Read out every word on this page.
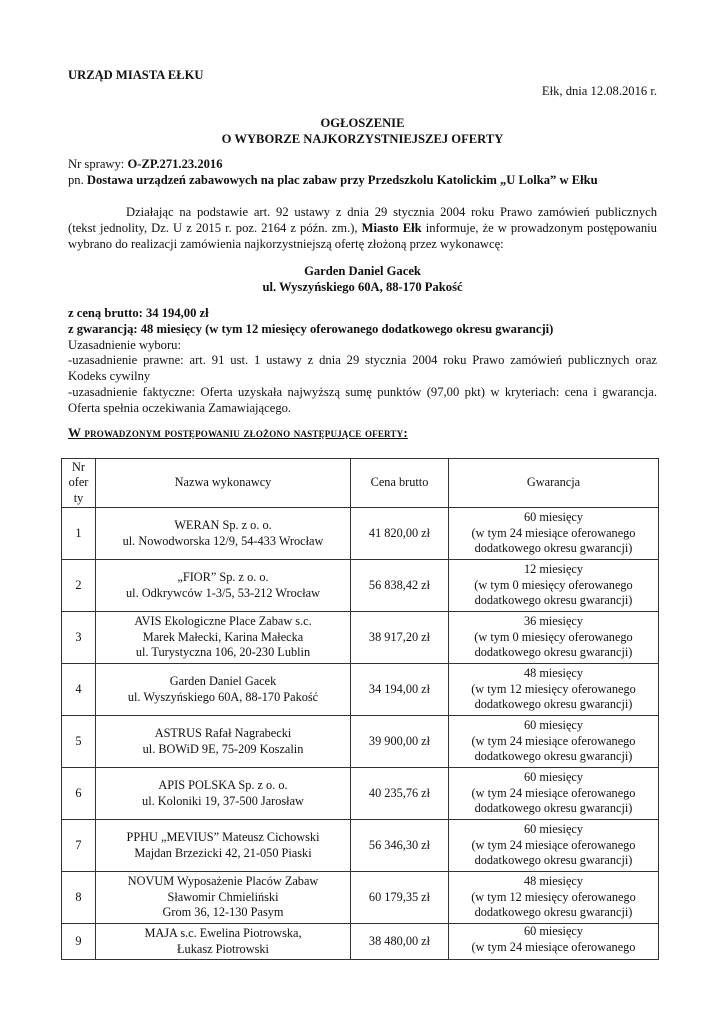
URZĄD MIASTA EŁKU
Ełk, dnia 12.08.2016 r.
OGŁOSZENIE
O WYBORZE NAJKORZYSTNIEJSZEJ OFERTY
Nr sprawy: O-ZP.271.23.2016
pn. Dostawa urządzeń zabawowych na plac zabaw przy Przedszkolu Katolickim „U Lolka” w Ełku
Działając na podstawie art. 92 ustawy z dnia 29 stycznia 2004 roku Prawo zamówień publicznych
(tekst jednolity, Dz. U z 2015 r. poz. 2164 z późn. zm.), Miasto Ełk informuje, że w prowadzonym postępowaniu
wybrano do realizacji zamówienia najkorzystniejszą ofertę złożoną przez wykonawcę:
Garden Daniel Gacek
ul. Wyszyńskiego 60A, 88-170 Pakość
z ceną brutto: 34 194,00 zł
z gwarancją: 48 miesięcy (w tym 12 miesięcy oferowanego dodatkowego okresu gwarancji)
Uzasadnienie wyboru:
-uzasadnienie prawne: art. 91 ust. 1 ustawy z dnia 29 stycznia 2004 roku Prawo zamówień publicznych oraz
Kodeks cywilny
-uzasadnienie faktyczne: Oferta uzyskała najwyższą sumę punktów (97,00 pkt) w kryteriach: cena i gwarancja.
Oferta spełnia oczekiwania Zamawiającego.
W prowadzonym postępowaniu złożono następujące oferty:
Nr
ofer
ty	Nazwa wykonawcy	Cena brutto	Gwarancja
1	WERAN Sp. z o. o.
ul. Nowodworska 12/9, 54-433 Wrocław	41 820,00 zł	60 miesięcy
(w tym 24 miesiące oferowanego
dodatkowego okresu gwarancji)

2	„FIOR” Sp. z o. o.
ul. Odkrywców 1-3/5, 53-212 Wrocław	56 838,42 zł	12 miesięcy
(w tym 0 miesięcy oferowanego
dodatkowego okresu gwarancji)

3	AVIS Ekologiczne Place Zabaw s.c.
Marek Małecki, Karina Małecka
ul. Turystyczna 106, 20-230 Lublin	38 917,20 zł	36 miesięcy
(w tym 0 miesięcy oferowanego
dodatkowego okresu gwarancji)

4	Garden Daniel Gacek
ul. Wyszyńskiego 60A, 88-170 Pakość	34 194,00 zł	48 miesięcy
(w tym 12 miesięcy oferowanego
dodatkowego okresu gwarancji)

5	ASTRUS Rafał Nagrabecki
ul. BOWiD 9E, 75-209 Koszalin	39 900,00 zł	60 miesięcy
(w tym 24 miesiące oferowanego
dodatkowego okresu gwarancji)

6	APIS POLSKA Sp. z o. o.
ul. Koloniki 19, 37-500 Jarosław	40 235,76 zł	60 miesięcy
(w tym 24 miesiące oferowanego
dodatkowego okresu gwarancji)

7	PPHU „MEVIUS” Mateusz Cichowski
Majdan Brzezicki 42, 21-050 Piaski	56 346,30 zł	60 miesięcy
(w tym 24 miesiące oferowanego
dodatkowego okresu gwarancji)

8	NOVUM Wyposażenie Placów Zabaw
Sławomir Chmieliński
Grom 36, 12-130 Pasym	60 179,35 zł	48 miesięcy
(w tym 12 miesięcy oferowanego
dodatkowego okresu gwarancji)

9	MAJA s.c. Ewelina Piotrowska,
Łukasz Piotrowski	38 480,00 zł	60 miesięcy
(w tym 24 miesiące oferowanego
